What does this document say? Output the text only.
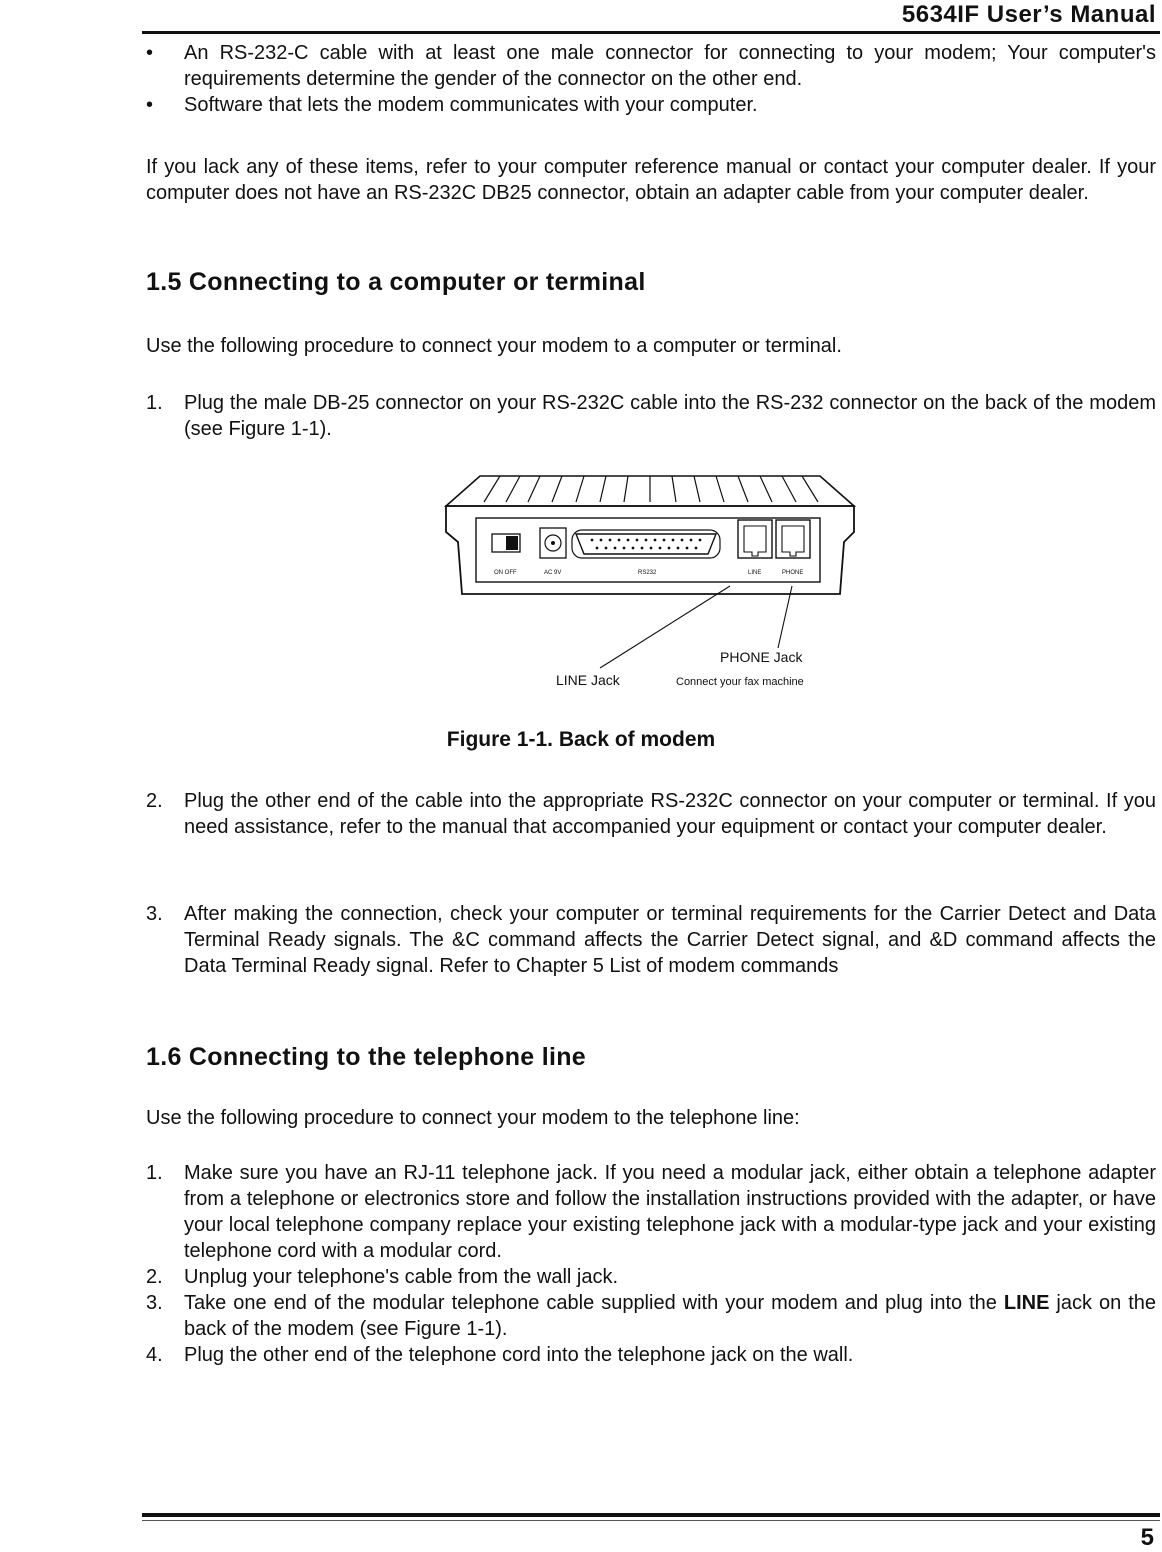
5634IF User’s Manual
• An RS-232-C cable with at least one male connector for connecting to your modem; Your computer's requirements determine the gender of the connector on the other end.
• Software that lets the modem communicates with your computer.
If you lack any of these items, refer to your computer reference manual or contact your computer dealer. If your computer does not have an RS-232C DB25 connector, obtain an adapter cable from your computer dealer.
1.5 Connecting to a computer or terminal
Use the following procedure to connect your modem to a computer or terminal.
1. Plug the male DB-25 connector on your RS-232C cable into the RS-232 connector on the back of the modem (see Figure 1-1).
ON OFF	AC 9V	RS232	LINE	PHONE
PHONE Jack
LINE Jack	Connect your fax machine
Figure 1-1. Back of modem
2. Plug the other end of the cable into the appropriate RS-232C connector on your computer or terminal. If you need assistance, refer to the manual that accompanied your equipment or contact your computer dealer.
3. After making the connection, check your computer or terminal requirements for the Carrier Detect and Data Terminal Ready signals. The &C command affects the Carrier Detect signal, and &D command affects the Data Terminal Ready signal. Refer to Chapter 5 List of modem commands
1.6 Connecting to the telephone line
Use the following procedure to connect your modem to the telephone line:
1. Make sure you have an RJ-11 telephone jack. If you need a modular jack, either obtain a telephone adapter from a telephone or electronics store and follow the installation instructions provided with the adapter, or have your local telephone company replace your existing telephone jack with a modular-type jack and your existing telephone cord with a modular cord.
2. Unplug your telephone's cable from the wall jack.
3. Take one end of the modular telephone cable supplied with your modem and plug into the LINE jack on the back of the modem (see Figure 1-1).
4. Plug the other end of the telephone cord into the telephone jack on the wall.
5
